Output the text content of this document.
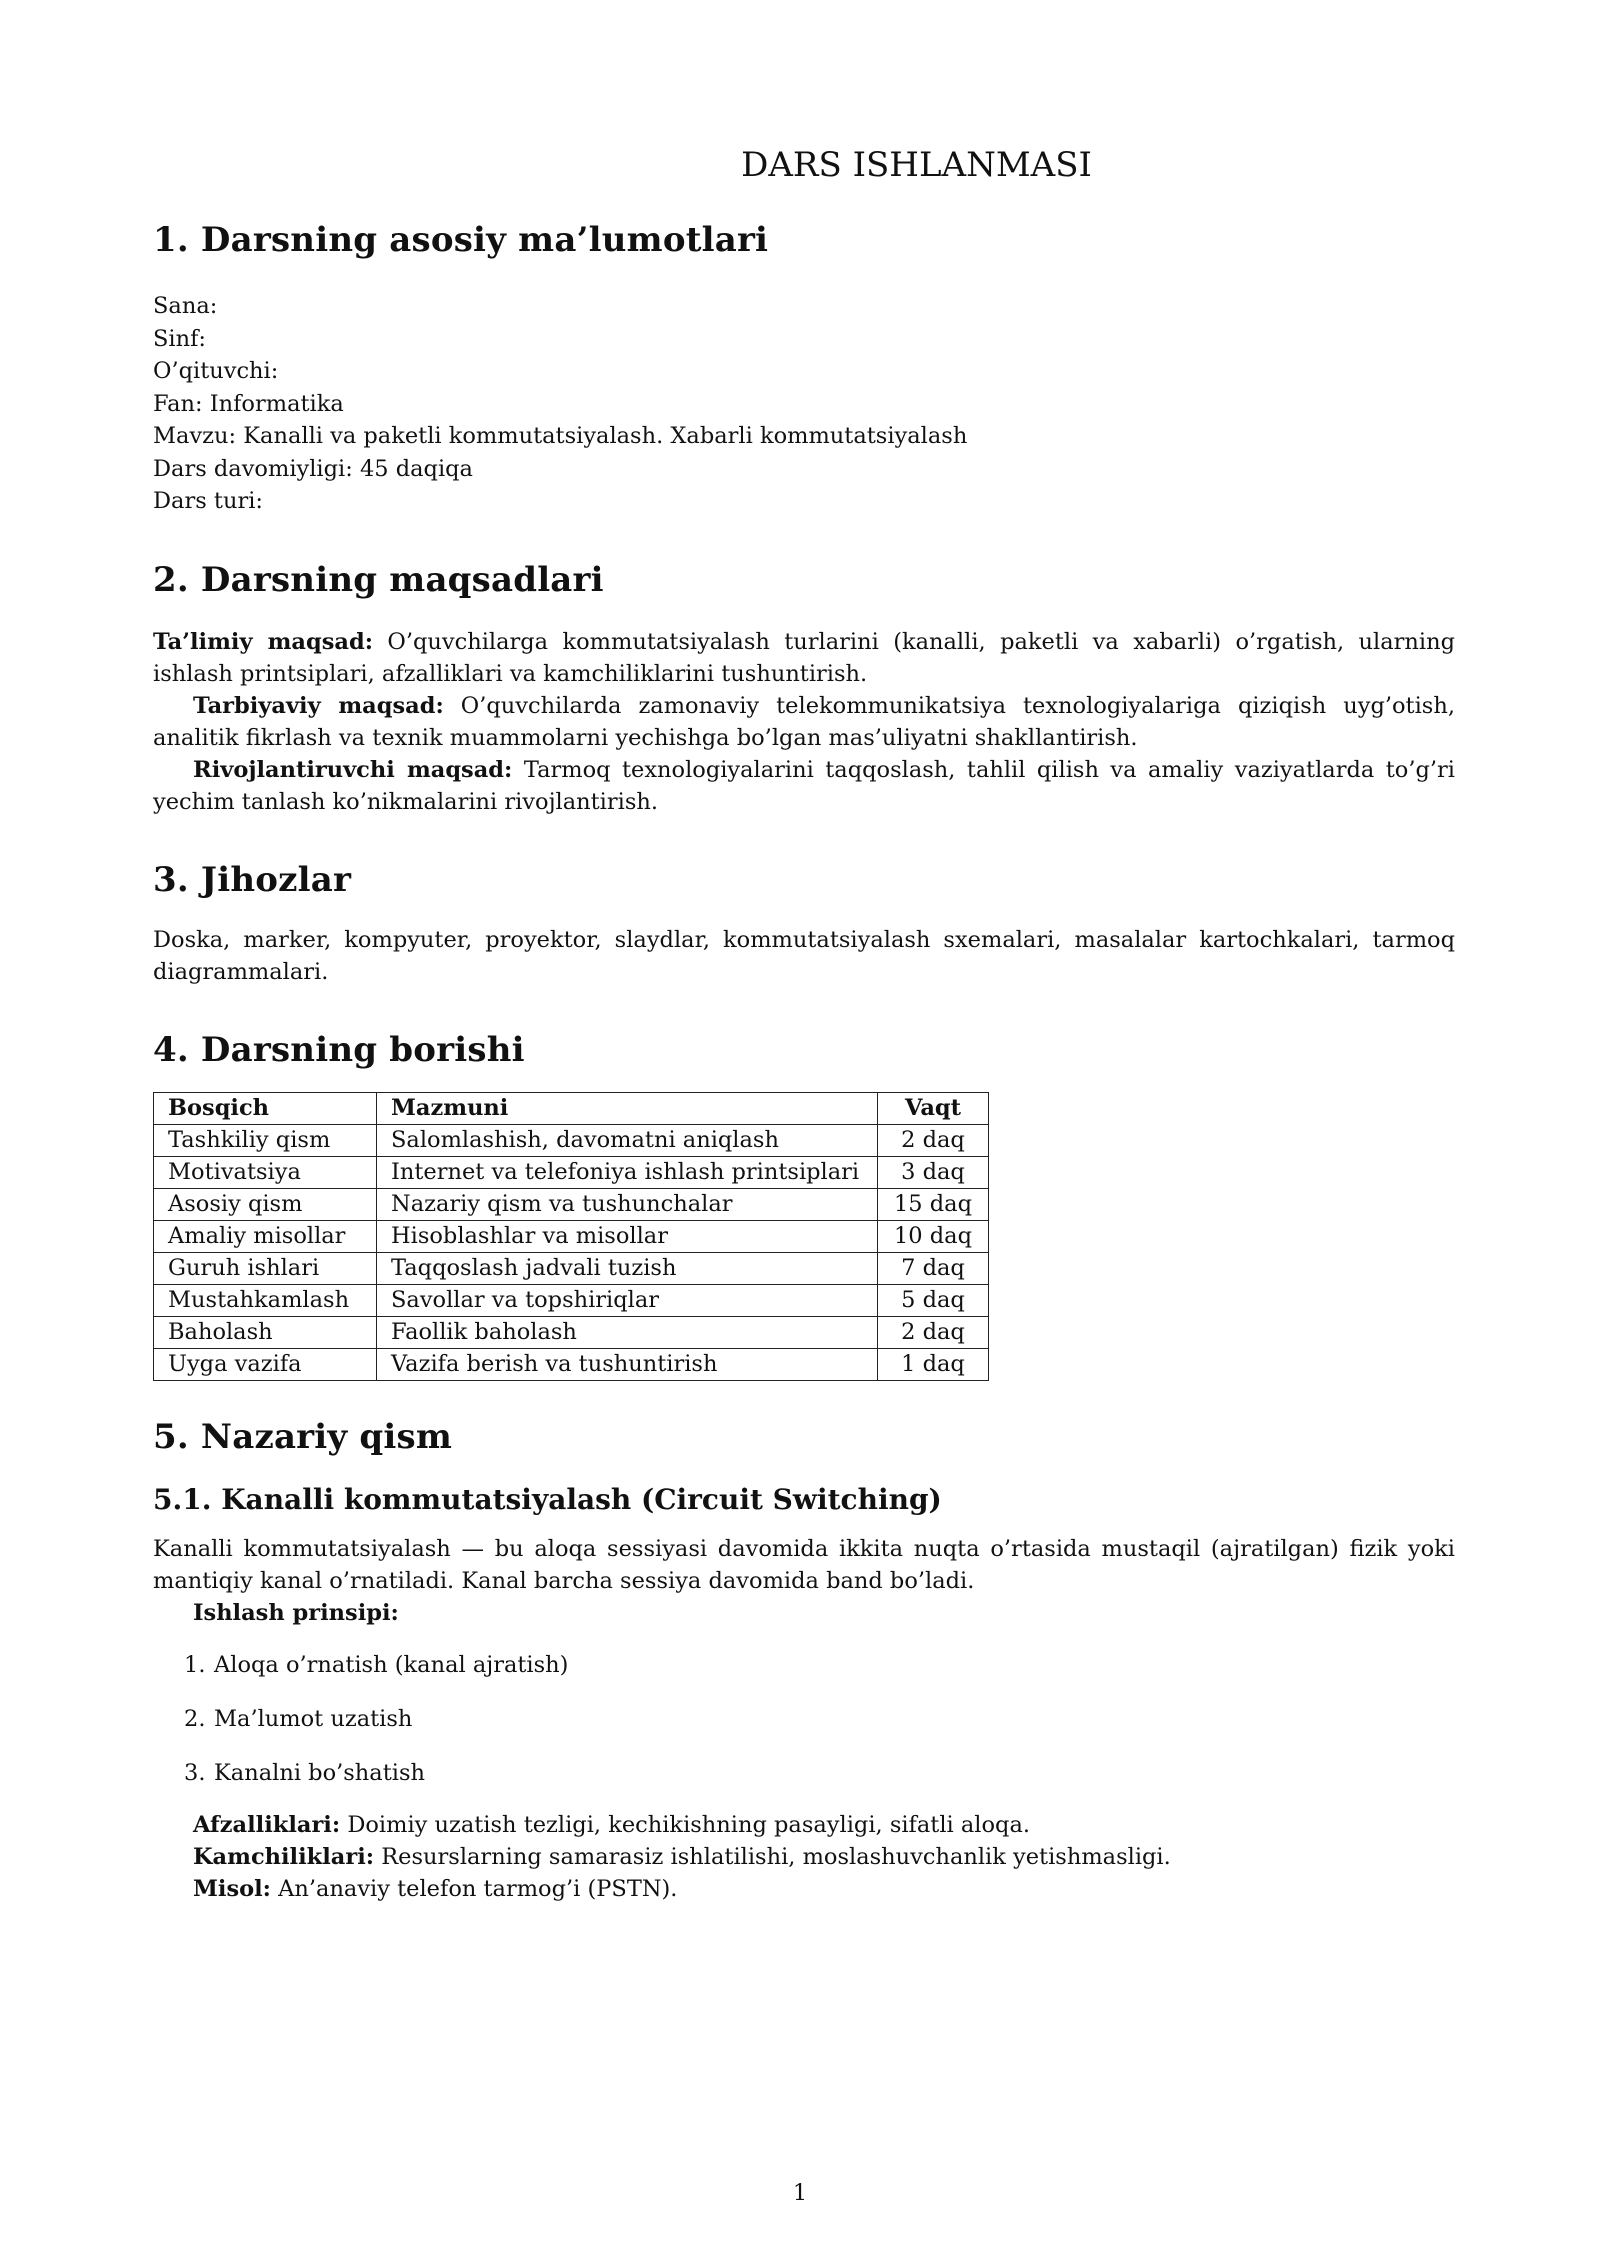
DARS ISHLANMASI
1. Darsning asosiy ma’lumotlari

Sana:

Sinf:

O’qituvchi:

Fan: Informatika

Mavzu: Kanalli va paketli kommutatsiyalash. Xabarli kommutatsiyalash

Dars davomiyligi: 45 daqiqa

Dars turi:

2. Darsning maqsadlari

Ta’limiy maqsad: O’quvchilarga kommutatsiyalash turlarini (kanalli, paketli va xabarli) o’rgatish, ularning ishlash printsiplari, afzalliklari va kamchiliklarini tushuntirish.

Tarbiyaviy maqsad: O’quvchilarda zamonaviy telekommunikatsiya texnologiyalariga qiziqish uyg’otish, analitik fikrlash va texnik muammolarni yechishga bo’lgan mas’uliyatni shakllantirish.

Rivojlantiruvchi maqsad: Tarmoq texnologiyalarini taqqoslash, tahlil qilish va amaliy vaziyatlarda to’g’ri yechim tanlash ko’nikmalarini rivojlantirish.

3. Jihozlar

Doska, marker, kompyuter, proyektor, slaydlar, kommutatsiyalash sxemalari, masalalar kartochkalari, tarmoq diagrammalari.

4. Darsning borishi
Bosqich	Mazmuni	Vaqt
Tashkiliy qism	Salomlashish, davomatni aniqlash	2 daq
Motivatsiya	Internet va telefoniya ishlash printsiplari	3 daq
Asosiy qism	Nazariy qism va tushunchalar	15 daq
Amaliy misollar	Hisoblashlar va misollar	10 daq
Guruh ishlari	Taqqoslash jadvali tuzish	7 daq
Mustahkamlash	Savollar va topshiriqlar	5 daq
Baholash	Faollik baholash	2 daq
Uyga vazifa	Vazifa berish va tushuntirish	1 daq
5. Nazariy qism
5.1. Kanalli kommutatsiyalash (Circuit Switching)

Kanalli kommutatsiyalash — bu aloqa sessiyasi davomida ikkita nuqta o’rtasida mustaqil (ajratilgan) fizik yoki mantiqiy kanal o’rnatiladi. Kanal barcha sessiya davomida band bo’ladi.

Ishlash prinsipi:

1. Aloqa o’rnatish (kanal ajratish)
2. Ma’lumot uzatish
3. Kanalni bo’shatish

Afzalliklari: Doimiy uzatish tezligi, kechikishning pasayligi, sifatli aloqa.

Kamchiliklari: Resurslarning samarasiz ishlatilishi, moslashuvchanlik yetishmasligi.

Misol: An’anaviy telefon tarmog’i (PSTN).

1
